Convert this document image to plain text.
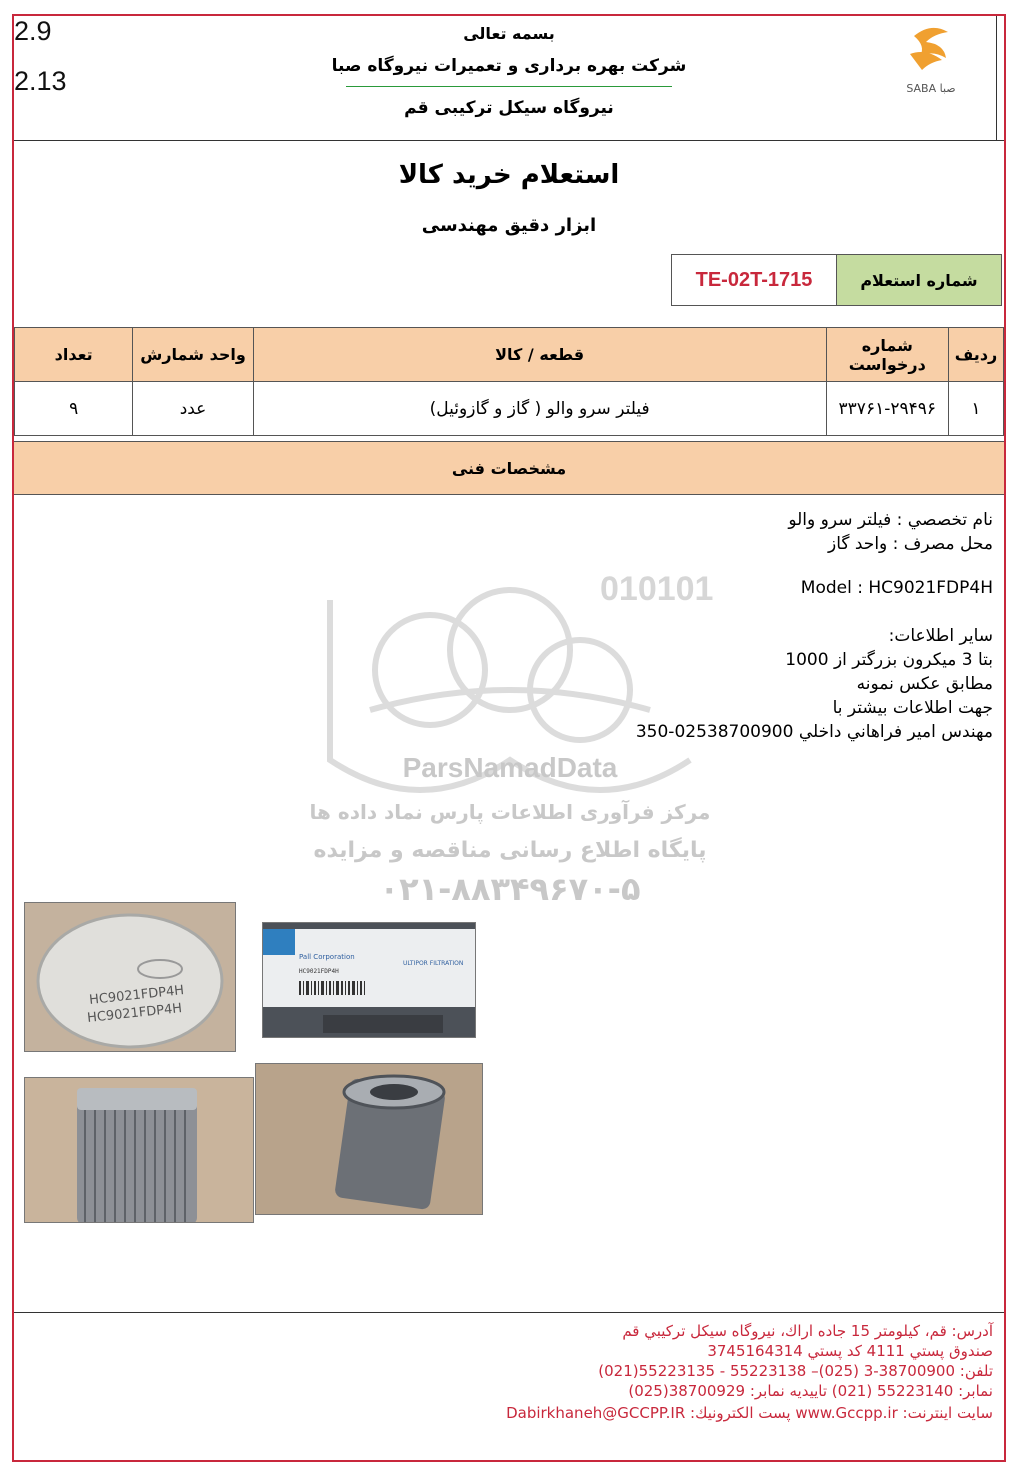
2.9
2.13
بسمه تعالی
شرکت بهره برداری و تعمیرات نیروگاه صبا
نیروگاه سیکل ترکیبی قم
SABA صبا
استعلام خرید کالا
ابزار دقیق مهندسی
شماره استعلام
TE-02T-1715
ردیف	شماره درخواست	قطعه / کالا	واحد شمارش	تعداد
۱	۳۳۷۶۱-۲۹۴۹۶	فیلتر سرو والو ( گاز و گازوئیل)	عدد	۹
مشخصات فنی
010101
ParsNamadData
مرکز فرآوری اطلاعات پارس نماد داده ها
پایگاه اطلاع رسانی مناقصه و مزایده
۰۲۱-۸۸۳۴۹۶۷۰-۵
نام تخصصي : فيلتر سرو والو
محل مصرف : واحد گاز
Model : HC9021FDP4H
ساير اطلاعات:
بتا 3 ميكرون بزرگتر از 1000
مطابق عكس نمونه
جهت اطلاعات بيشتر با
مهندس امير فراهاني داخلي 02538700900-350
HC9021FDP4H
HC9021FDP4H
Pall Corporation
ULTIPOR FILTRATION
HC9021FDP4H
آدرس: قم، كيلومتر 15 جاده اراك، نيروگاه سيكل تركيبي قم
صندوق پستي 4111 كد پستي 3745164314
تلفن: 38700900-3 (025)– 55223138 - 55223135(021)
نمابر: 55223140 (021) تاييديه نمابر: 38700929(025)
سايت اينترنت: www.Gccpp.ir پست الكترونيك: Dabirkhaneh@GCCPP.IR
